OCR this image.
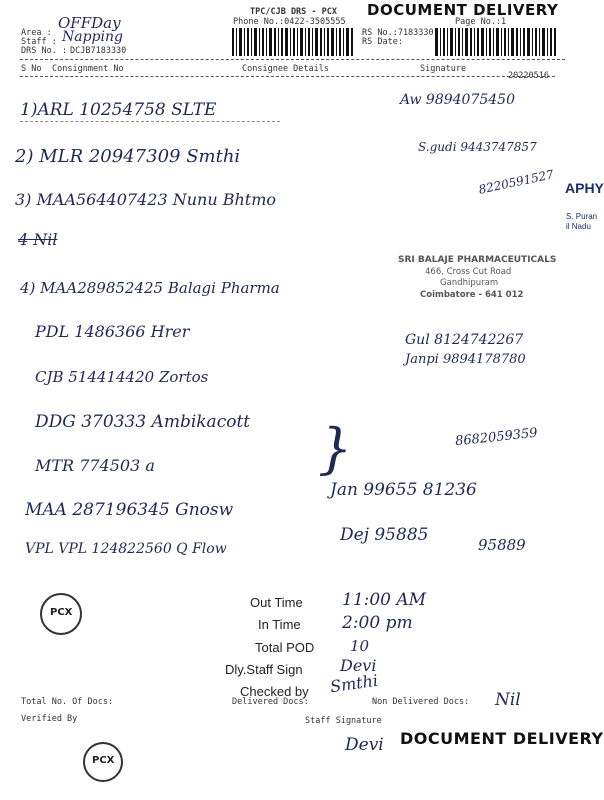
Area :
OFFDay
Staff : Napping
DRS No. : DCJB7183330
TPC/CJB DRS - PCX
Phone No.:0422-3505555
DOCUMENT DELIVERY
Page No.:1
RS No.:7183330
RS Date:
S No Consignment No	Consignee Details	Signature
20220516
1)ARL 10254758 SLTE	Aw 9894075450
2) MLR 20947309 Smthi	S.gudi 9443747857
3) MAA564407423 Nunu Bhtmo
8220591527
4 Nil
4) MAA289852425 Balagi Pharma
PDL 1486366 Hrer	Gul 8124742267
CJB 514414420 Zortos
Janpi 9894178780
DDG 370333 Ambikacott
8682059359
}
MTR 774503 a
MAA 287196345 Gnosw
Jan 99655 81236
VPL VPL 124822560 Q Flow
Dej 95885	95889
SRI BALAJE PHARMACEUTICALS
466, Cross Cut Road
Gandhipuram
Coimbatore - 641 012
APHY
S. Puran
il Nadu
PCX
Out Time 11:00 AM
In Time 2:00 pm
Total POD 10
Dly.Staff Sign Devi
Checked by Smthi
Total No. Of Docs:	Delivered Docs:	Non Delivered Docs: Nil
Verified By	Staff Signature
DOCUMENT DELIVERY
Devi
PCX
